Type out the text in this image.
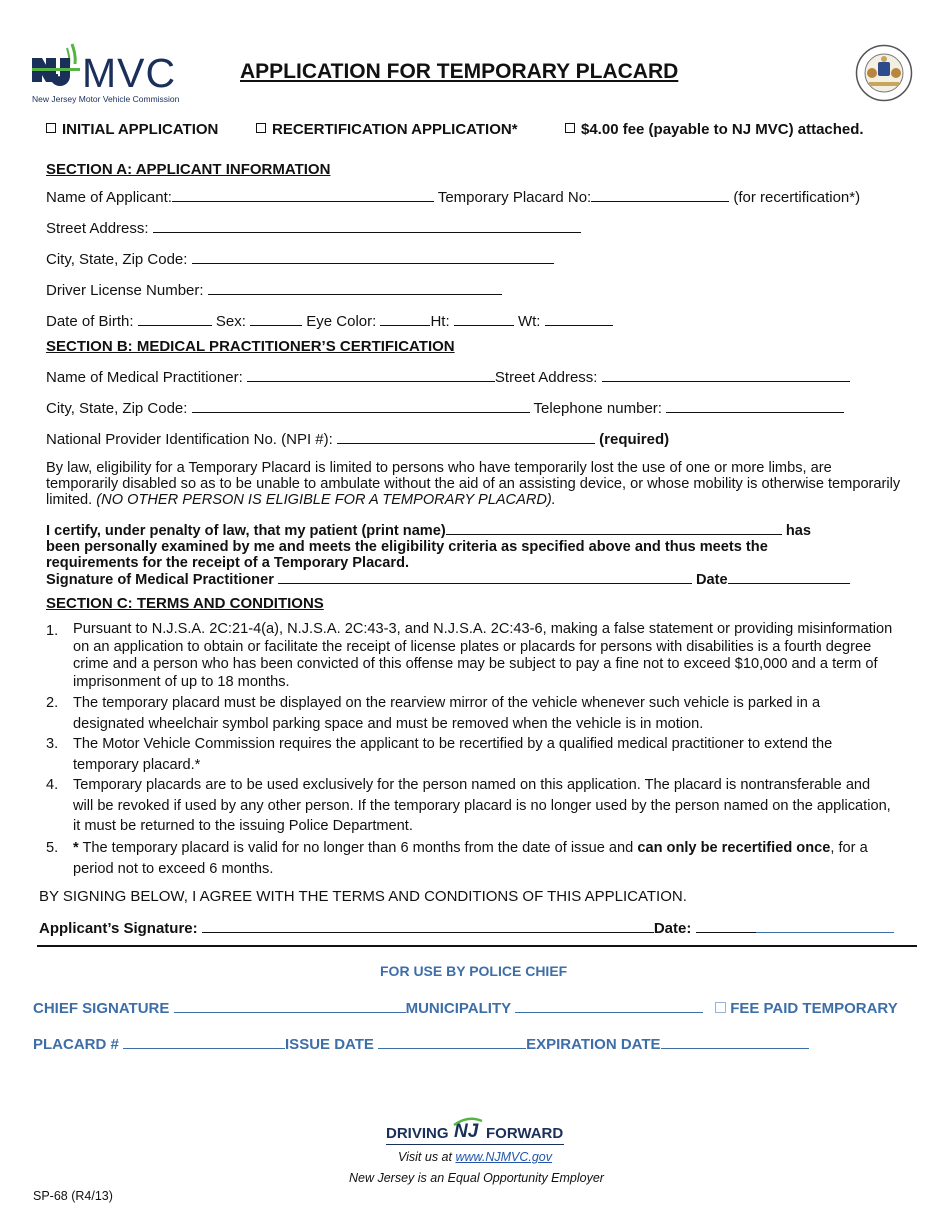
MVC
New Jersey Motor Vehicle Commission
APPLICATION FOR TEMPORARY PLACARD
INITIAL APPLICATION	RECERTIFICATION APPLICATION*	$4.00 fee (payable to NJ MVC) attached.
SECTION A: APPLICANT INFORMATION
Name of Applicant:	Temporary Placard No:	(for recertification*)
Street Address:
City, State, Zip Code:
Driver License Number:
Date of Birth:	Sex:	Eye Color:	Ht:	Wt:
SECTION B: MEDICAL PRACTITIONER’S CERTIFICATION
Name of Medical Practitioner:	Street Address:
City, State, Zip Code:	Telephone number:
National Provider Identification No. (NPI #):	(required)
By law, eligibility for a Temporary Placard is limited to persons who have temporarily lost the use of one or more limbs, are temporarily disabled so as to be unable to ambulate without the aid of an assisting device, or whose mobility is otherwise temporarily limited. (NO OTHER PERSON IS ELIGIBLE FOR A TEMPORARY PLACARD).
I certify, under penalty of law, that my patient (print name)	has
been personally examined by me and meets the eligibility criteria as specified above and thus meets the requirements for the receipt of a Temporary Placard.
Signature of Medical Practitioner	Date
SECTION C: TERMS AND CONDITIONS
1. Pursuant to N.J.S.A. 2C:21-4(a), N.J.S.A. 2C:43-3, and N.J.S.A. 2C:43-6, making a false statement or providing misinformation on an application to obtain or facilitate the receipt of license plates or placards for persons with disabilities is a fourth degree crime and a person who has been convicted of this offense may be subject to pay a fine not to exceed $10,000 and a term of imprisonment of up to 18 months.
2. The temporary placard must be displayed on the rearview mirror of the vehicle whenever such vehicle is parked in a designated wheelchair symbol parking space and must be removed when the vehicle is in motion.
3. The Motor Vehicle Commission requires the applicant to be recertified by a qualified medical practitioner to extend the temporary placard.*
4. Temporary placards are to be used exclusively for the person named on this application. The placard is nontransferable and will be revoked if used by any other person. If the temporary placard is no longer used by the person named on the application, it must be returned to the issuing Police Department.
5. * The temporary placard is valid for no longer than 6 months from the date of issue and can only be recertified once, for a period not to exceed 6 months.
BY SIGNING BELOW, I AGREE WITH THE TERMS AND CONDITIONS OF THIS APPLICATION.
Applicant’s Signature:	Date:
FOR USE BY POLICE CHIEF
CHIEF SIGNATURE	MUNICIPALITY	FEE PAID TEMPORARY
PLACARD #	ISSUE DATE	EXPIRATION DATE
DRIVING NJ FORWARD
Visit us at www.NJMVC.gov
New Jersey is an Equal Opportunity Employer
SP-68 (R4/13)
